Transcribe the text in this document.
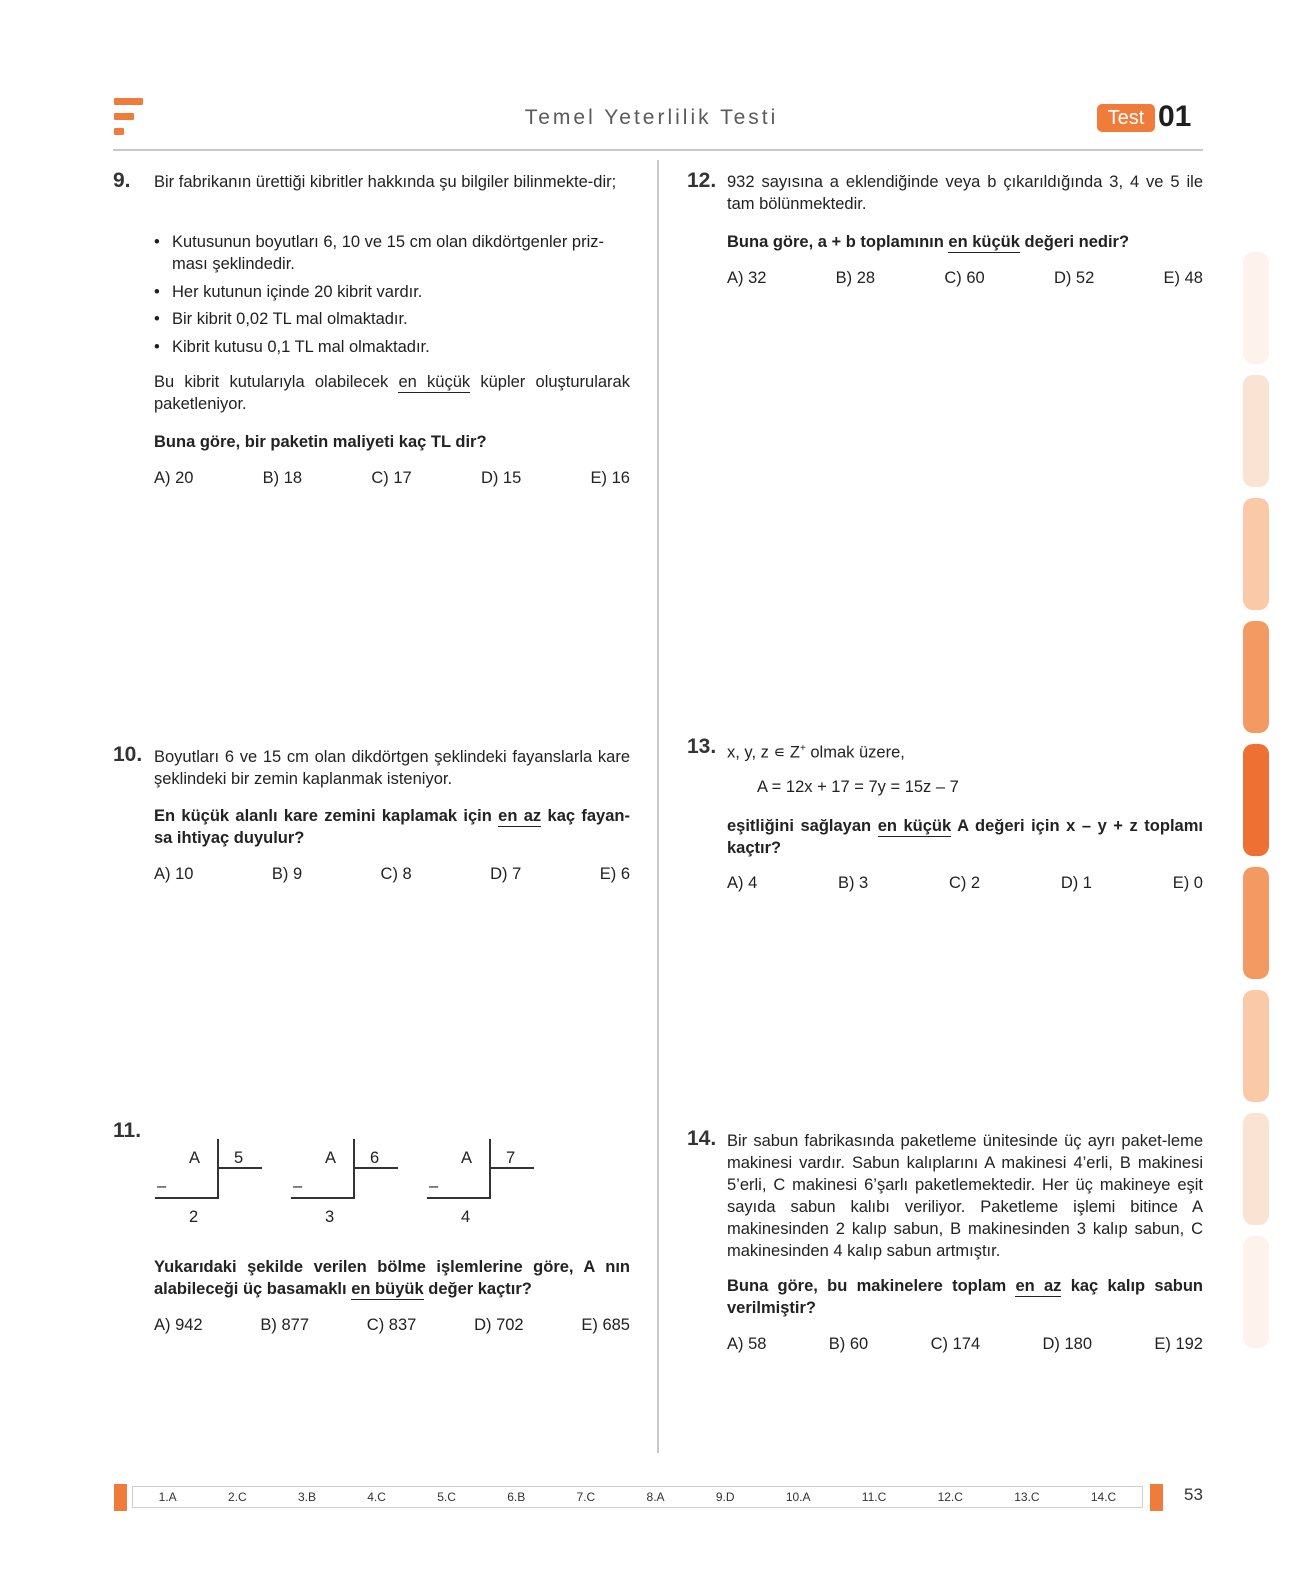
Temel Yeterlilik Testi	Test 01
9. Bir fabrikanın ürettiği kibritler hakkında şu bilgiler bilinmekte-dir;
• Kutusunun boyutları 6, 10 ve 15 cm olan dikdörtgenler priz-ması şeklindedir.
• Her kutunun içinde 20 kibrit vardır.
• Bir kibrit 0,02 TL mal olmaktadır.
• Kibrit kutusu 0,1 TL mal olmaktadır.
Bu kibrit kutularıyla olabilecek en küçük küpler oluşturularak paketleniyor.
Buna göre, bir paketin maliyeti kaç TL dir?
A) 20	B) 18	C) 17	D) 15	E) 16
10. Boyutları 6 ve 15 cm olan dikdörtgen şeklindeki fayanslarla kare şeklindeki bir zemin kaplanmak isteniyor.
En küçük alanlı kare zemini kaplamak için en az kaç fayan-sa ihtiyaç duyulur?
A) 10	B) 9	C) 8	D) 7	E) 6
11.
A 5
–
2
A 6
–
3
A 7
–
4
Yukarıdaki şekilde verilen bölme işlemlerine göre, A nın alabileceği üç basamaklı en büyük değer kaçtır?
A) 942	B) 877	C) 837	D) 702	E) 685
12. 932 sayısına a eklendiğinde veya b çıkarıldığında 3, 4 ve 5 ile tam bölünmektedir.
Buna göre, a + b toplamının en küçük değeri nedir?
A) 32	B) 28	C) 60	D) 52	E) 48
13. x, y, z ∊ Z+ olmak üzere,
A = 12x + 17 = 7y = 15z – 7
eşitliğini sağlayan en küçük A değeri için x – y + z toplamı kaçtır?
A) 4	B) 3	C) 2	D) 1	E) 0
14. Bir sabun fabrikasında paketleme ünitesinde üç ayrı paket-leme makinesi vardır. Sabun kalıplarını A makinesi 4’erli, B makinesi 5’erli, C makinesi 6’şarlı paketlemektedir. Her üç makineye eşit sayıda sabun kalıbı veriliyor. Paketleme işlemi bitince A makinesinden 2 kalıp sabun, B makinesinden 3 kalıp sabun, C makinesinden 4 kalıp sabun artmıştır.
Buna göre, bu makinelere toplam en az kaç kalıp sabun verilmiştir?
A) 58	B) 60	C) 174	D) 180	E) 192
1.A	2.C	3.B	4.C	5.C	6.B	7.C	8.A	9.D	10.A	11.C	12.C	13.C	14.C	53
